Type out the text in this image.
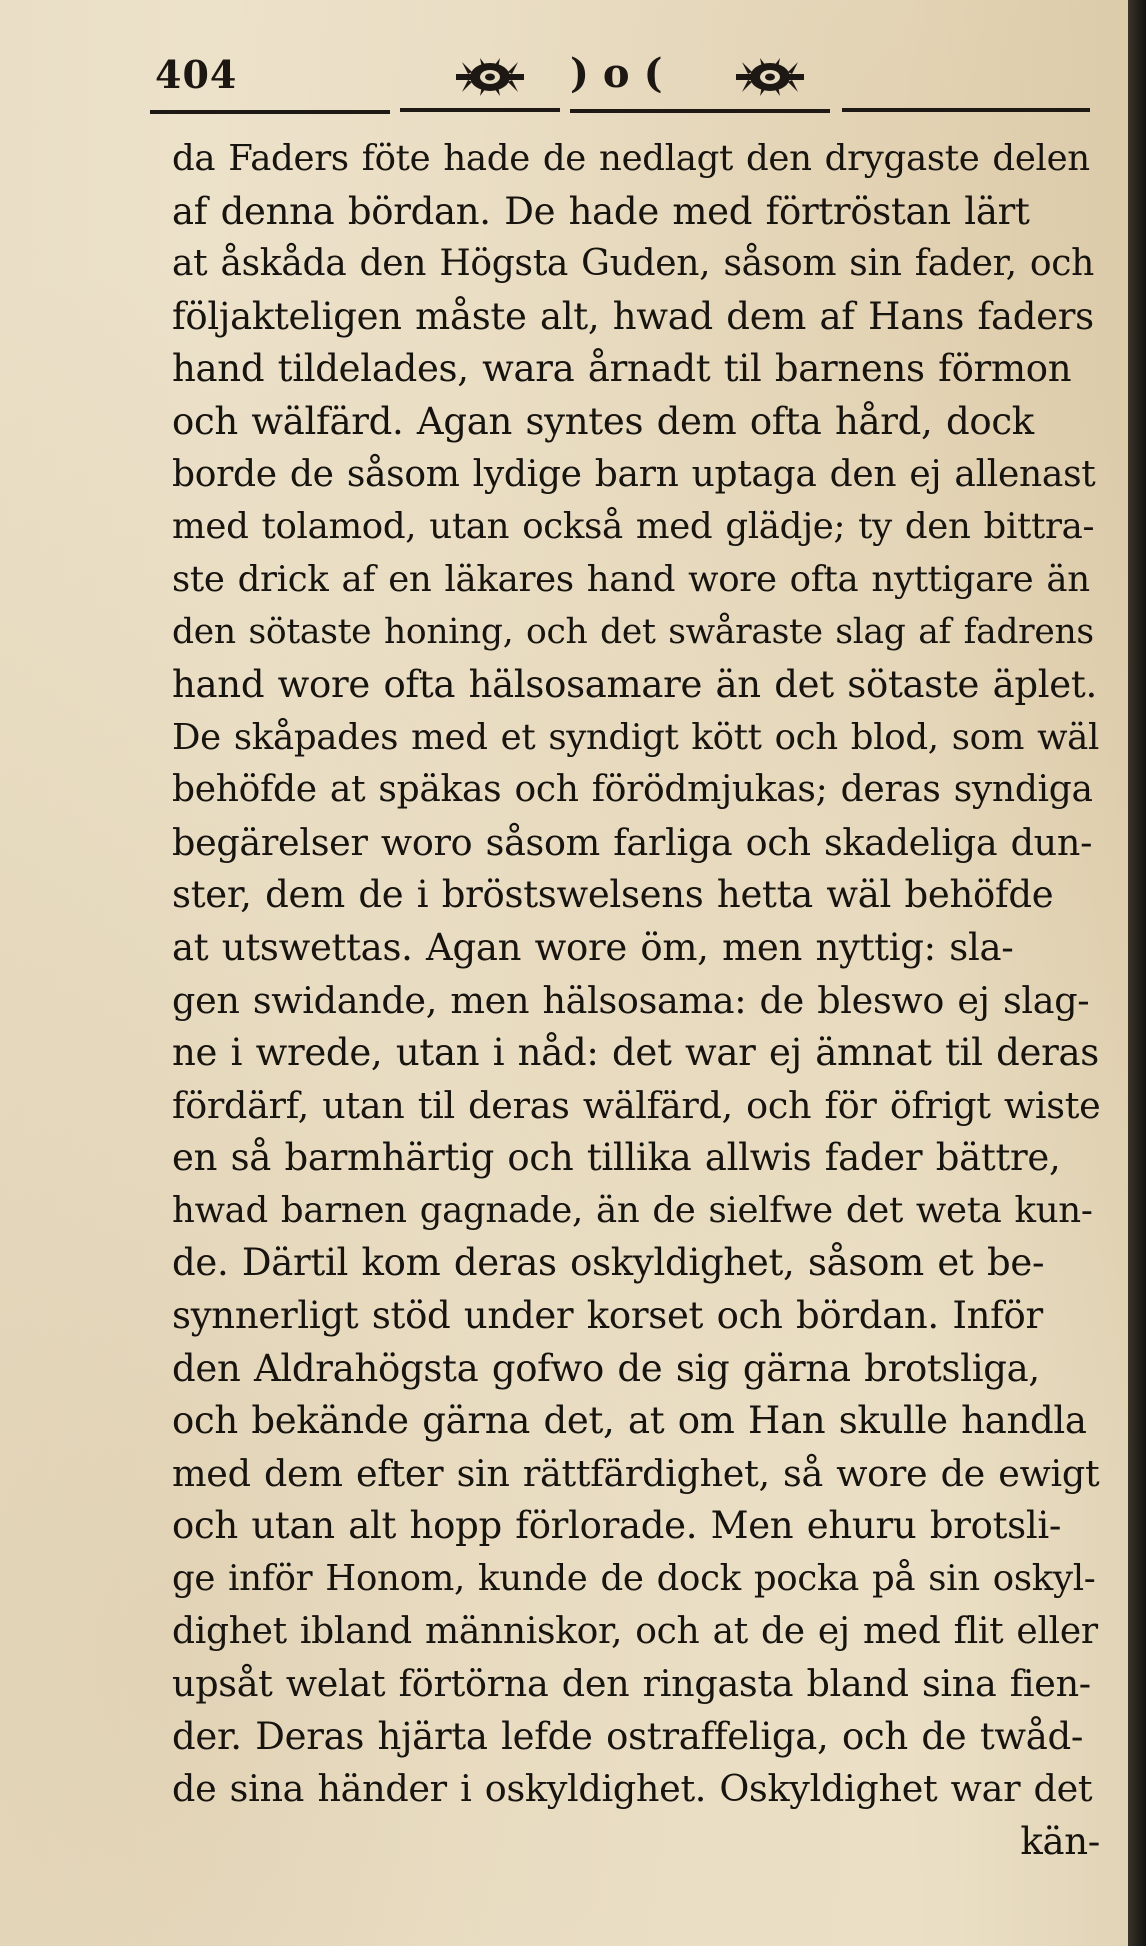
404	)o(
da Faders föte hade de nedlagt den drygaste delen
af denna bördan. De hade med förtröstan lärt
at åskåda den Högsta Guden, såsom sin fader, och
följakteligen måste alt, hwad dem af Hans faders
hand tildelades, wara årnadt til barnens förmon
och wälfärd. Agan syntes dem ofta hård, dock
borde de såsom lydige barn uptaga den ej allenast
med tolamod, utan också med glädje; ty den bittra-
ste drick af en läkares hand wore ofta nyttigare än
den sötaste honing, och det swåraste slag af fadrens
hand wore ofta hälsosamare än det sötaste äplet.
De skåpades med et syndigt kött och blod, som wäl
behöfde at späkas och förödmjukas; deras syndiga
begärelser woro såsom farliga och skadeliga dun-
ster, dem de i bröstswelsens hetta wäl behöfde
at utswettas. Agan wore öm, men nyttig: sla-
gen swidande, men hälsosama: de bleswo ej slag-
ne i wrede, utan i nåd: det war ej ämnat til deras
fördärf, utan til deras wälfärd, och för öfrigt wiste
en så barmhärtig och tillika allwis fader bättre,
hwad barnen gagnade, än de sielfwe det weta kun-
de. Därtil kom deras oskyldighet, såsom et be-
synnerligt stöd under korset och bördan. Inför
den Aldrahögsta gofwo de sig gärna brotsliga,
och bekände gärna det, at om Han skulle handla
med dem efter sin rättfärdighet, så wore de ewigt
och utan alt hopp förlorade. Men ehuru brotsli-
ge inför Honom, kunde de dock pocka på sin oskyl-
dighet ibland människor, och at de ej med flit eller
upsåt welat förtörna den ringasta bland sina fien-
der. Deras hjärta lefde ostraffeliga, och de twåd-
de sina händer i oskyldighet. Oskyldighet war det
kän-
